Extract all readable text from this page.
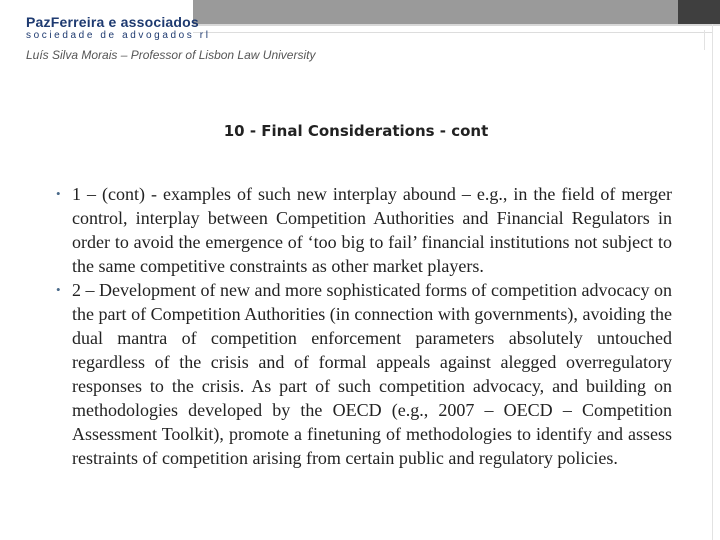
PazFerreira e associados
sociedade de advogados rl
Luís Silva Morais – Professor of Lisbon Law University
10 - Final Considerations - cont
• 1 – (cont) - examples of such new interplay abound – e.g., in the field of merger control, interplay between Competition Authorities and Financial Regulators in order to avoid the emergence of ‘too big to fail’ financial institutions not subject to the same competitive constraints as other market players.
• 2 – Development of new and more sophisticated forms of competition advocacy on the part of Competition Authorities (in connection with governments), avoiding the dual mantra of competition enforcement parameters absolutely untouched regardless of the crisis and of formal appeals against alegged overregulatory responses to the crisis. As part of such competition advocacy, and building on methodologies developed by the OECD (e.g., 2007 – OECD – Competition Assessment Toolkit), promote a finetuning of methodologies to identify and assess restraints of competition arising from certain public and regulatory policies.
